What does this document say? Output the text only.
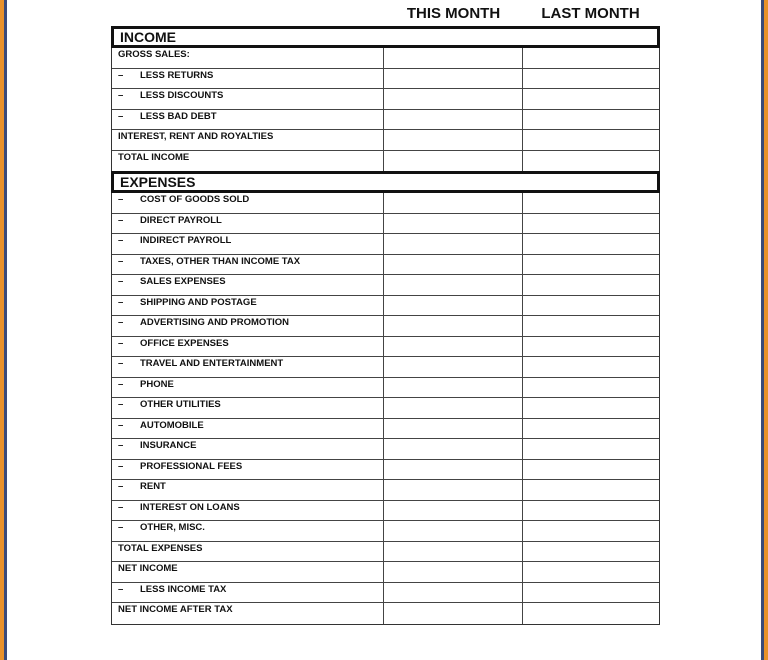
THIS MONTH	LAST MONTH
INCOME
GROSS SALES:
– LESS RETURNS
– LESS DISCOUNTS
– LESS BAD DEBT
INTEREST, RENT AND ROYALTIES
TOTAL INCOME
EXPENSES
– COST OF GOODS SOLD
– DIRECT PAYROLL
– INDIRECT PAYROLL
– TAXES, OTHER THAN INCOME TAX
– SALES EXPENSES
– SHIPPING AND POSTAGE
– ADVERTISING AND PROMOTION
– OFFICE EXPENSES
– TRAVEL AND ENTERTAINMENT
– PHONE
– OTHER UTILITIES
– AUTOMOBILE
– INSURANCE
– PROFESSIONAL FEES
– RENT
– INTEREST ON LOANS
– OTHER, MISC.
TOTAL EXPENSES
NET INCOME
– LESS INCOME TAX
NET INCOME AFTER TAX
